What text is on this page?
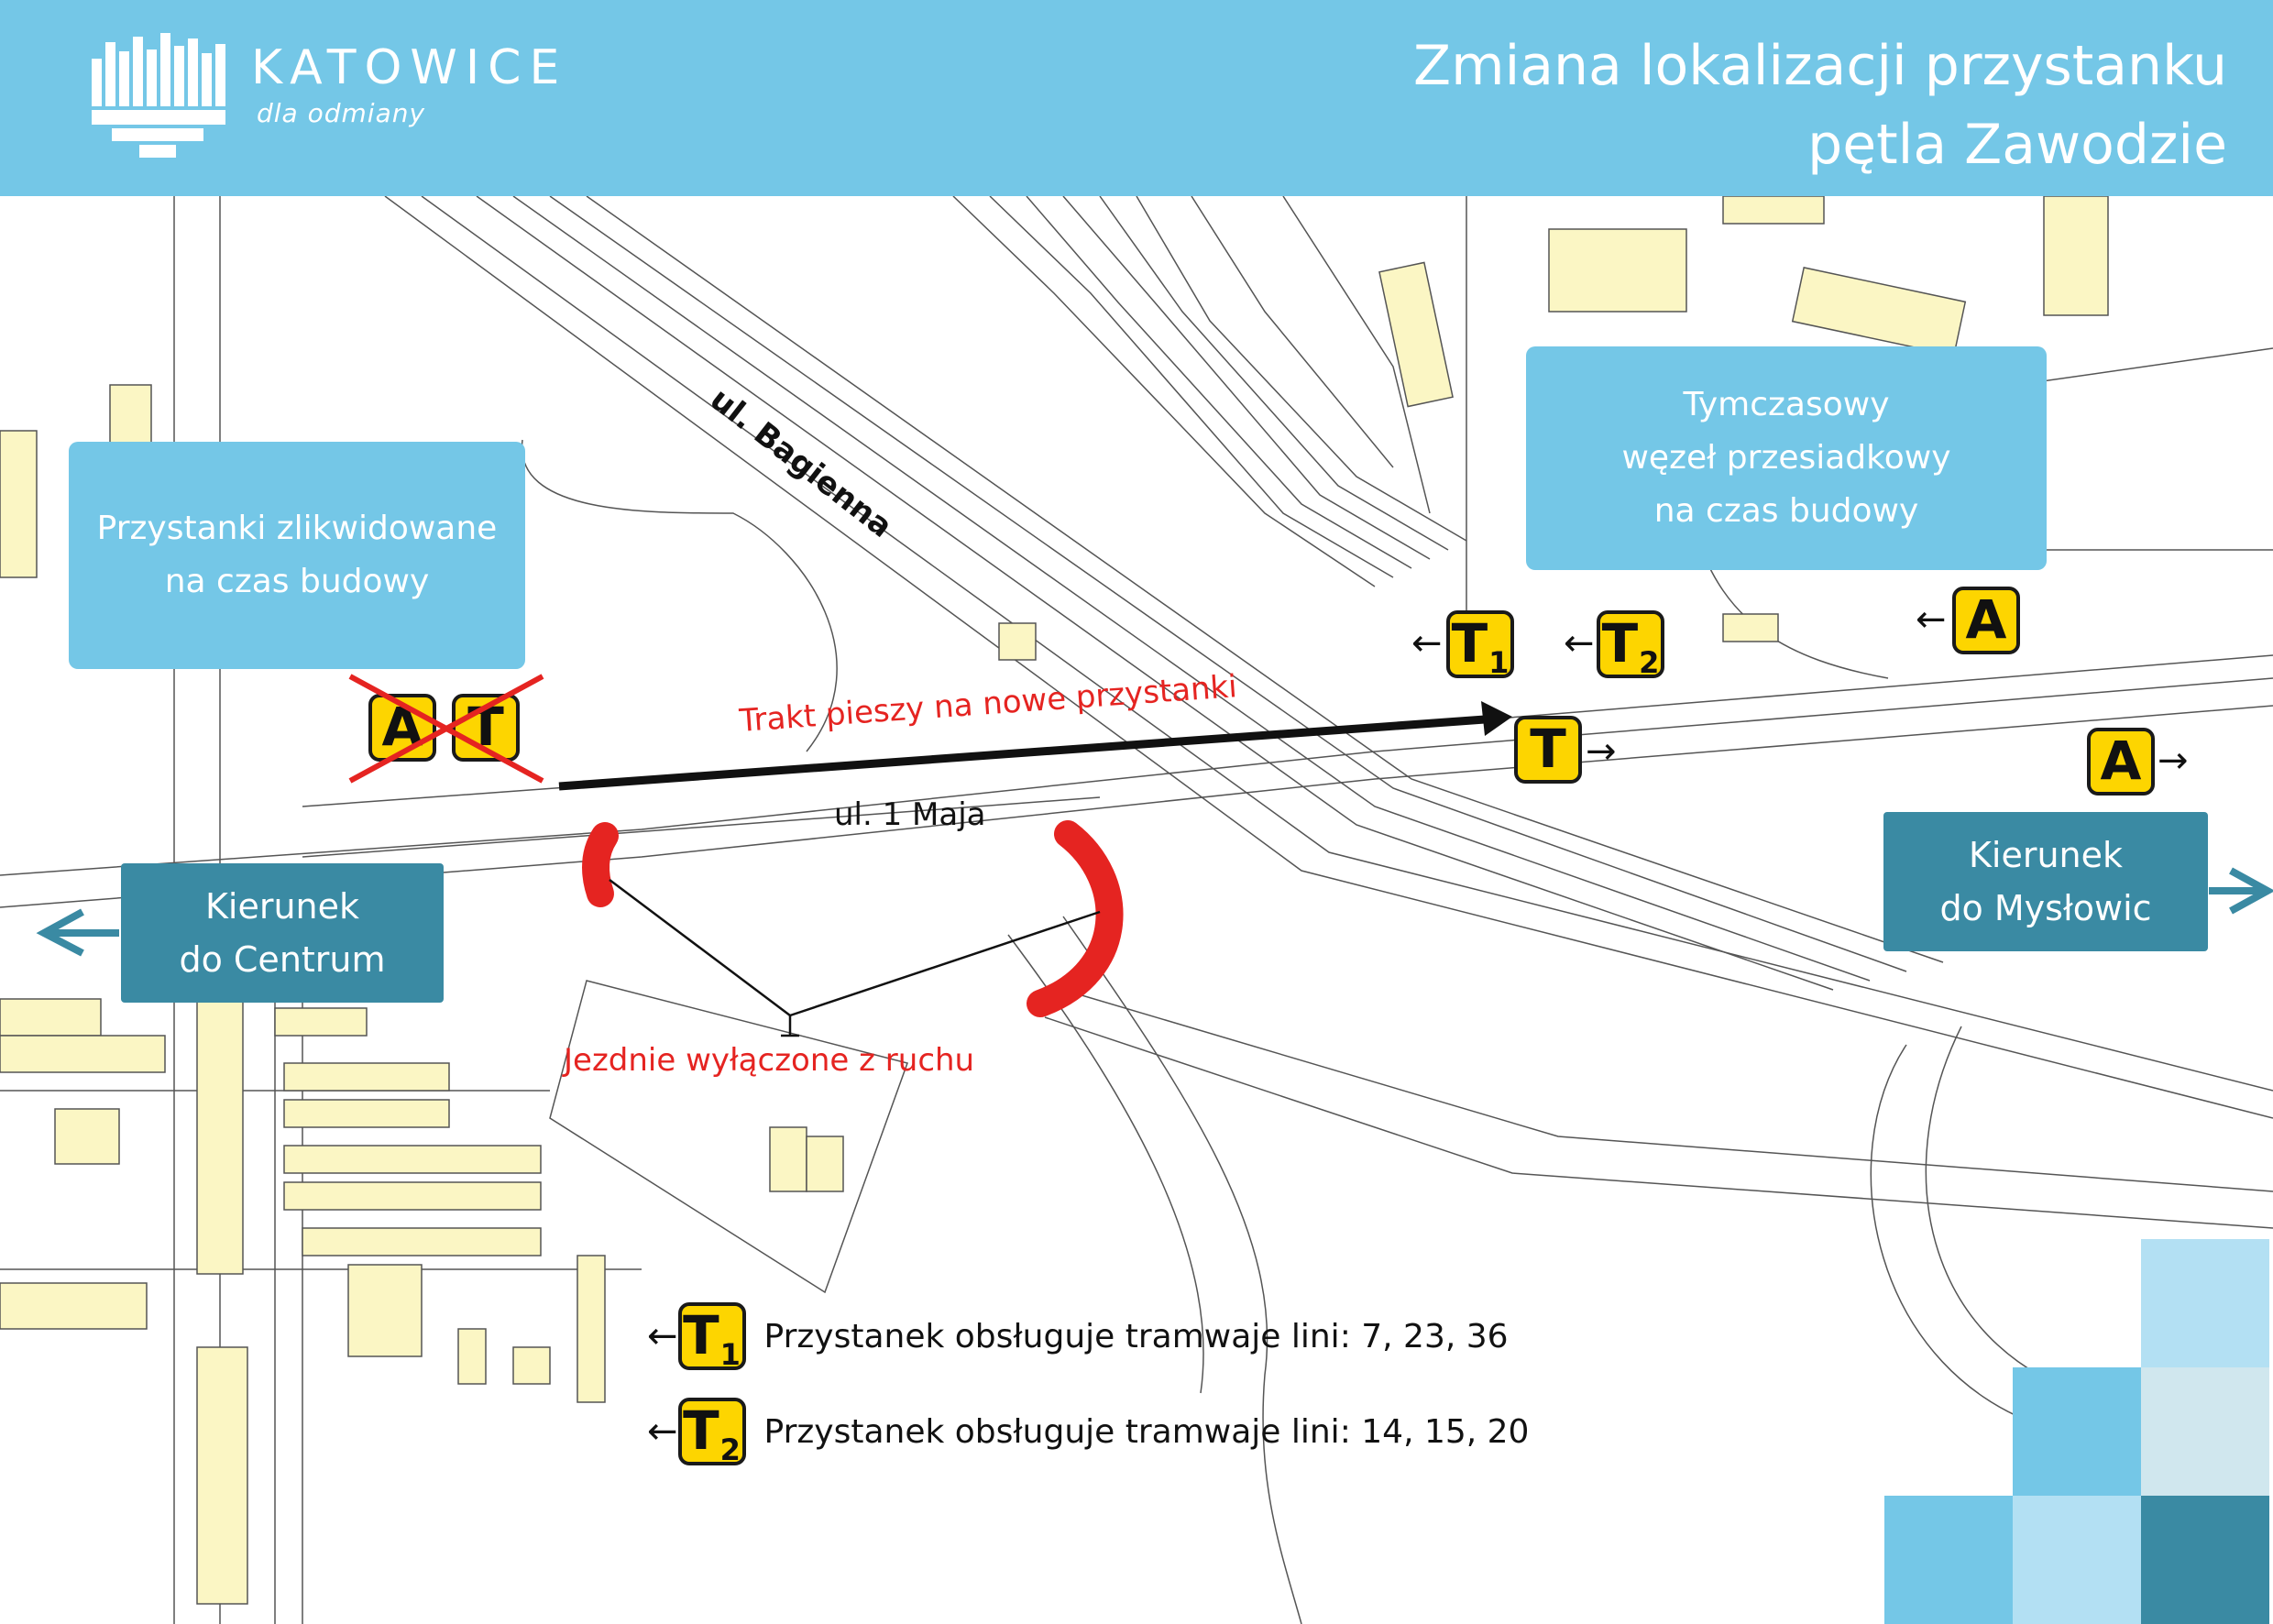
KATOWICE
dla odmiany
Zmiana lokalizacji przystanku
pętla Zawodzie
Przystanki zlikwidowane
na czas budowy
Tymczasowy
węzeł przesiadkowy
na czas budowy
Kierunek
do Centrum
Kierunek
do Mysłowic
ul. Bagienna
ul. 1 Maja
Trakt pieszy na nowe przystanki
Jezdnie wyłączone z ruchu
A T
← $T_1$ ← $T_2$
← A
T →	A →
← $T_1$ Przystanek obsługuje tramwaje lini: 7, 23, 36
← $T_2$ Przystanek obsługuje tramwaje lini: 14, 15, 20
